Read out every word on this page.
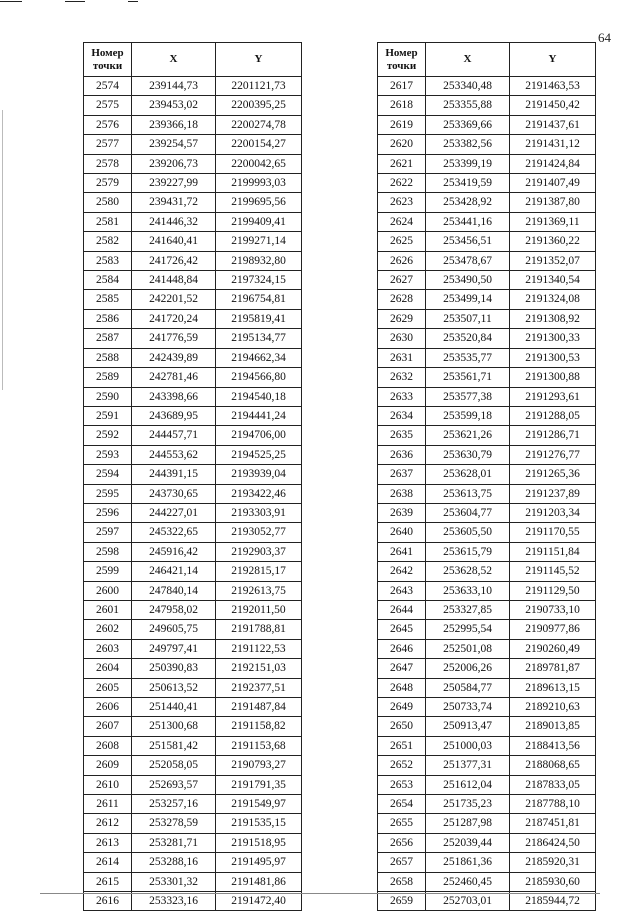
64
Номер
точки	X	Y
2574	239144,73	2201121,73
2575	239453,02	2200395,25
2576	239366,18	2200274,78
2577	239254,57	2200154,27
2578	239206,73	2200042,65
2579	239227,99	2199993,03
2580	239431,72	2199695,56
2581	241446,32	2199409,41
2582	241640,41	2199271,14
2583	241726,42	2198932,80
2584	241448,84	2197324,15
2585	242201,52	2196754,81
2586	241720,24	2195819,41
2587	241776,59	2195134,77
2588	242439,89	2194662,34
2589	242781,46	2194566,80
2590	243398,66	2194540,18
2591	243689,95	2194441,24
2592	244457,71	2194706,00
2593	244553,62	2194525,25
2594	244391,15	2193939,04
2595	243730,65	2193422,46
2596	244227,01	2193303,91
2597	245322,65	2193052,77
2598	245916,42	2192903,37
2599	246421,14	2192815,17
2600	247840,14	2192613,75
2601	247958,02	2192011,50
2602	249605,75	2191788,81
2603	249797,41	2191122,53
2604	250390,83	2192151,03
2605	250613,52	2192377,51
2606	251440,41	2191487,84
2607	251300,68	2191158,82
2608	251581,42	2191153,68
2609	252058,05	2190793,27
2610	252693,57	2191791,35
2611	253257,16	2191549,97
2612	253278,59	2191535,15
2613	253281,71	2191518,95
2614	253288,16	2191495,97
2615	253301,32	2191481,86
2616	253323,16	2191472,40
Номер
точки	X	Y
2617	253340,48	2191463,53
2618	253355,88	2191450,42
2619	253369,66	2191437,61
2620	253382,56	2191431,12
2621	253399,19	2191424,84
2622	253419,59	2191407,49
2623	253428,92	2191387,80
2624	253441,16	2191369,11
2625	253456,51	2191360,22
2626	253478,67	2191352,07
2627	253490,50	2191340,54
2628	253499,14	2191324,08
2629	253507,11	2191308,92
2630	253520,84	2191300,33
2631	253535,77	2191300,53
2632	253561,71	2191300,88
2633	253577,38	2191293,61
2634	253599,18	2191288,05
2635	253621,26	2191286,71
2636	253630,79	2191276,77
2637	253628,01	2191265,36
2638	253613,75	2191237,89
2639	253604,77	2191203,34
2640	253605,50	2191170,55
2641	253615,79	2191151,84
2642	253628,52	2191145,52
2643	253633,10	2191129,50
2644	253327,85	2190733,10
2645	252995,54	2190977,86
2646	252501,08	2190260,49
2647	252006,26	2189781,87
2648	250584,77	2189613,15
2649	250733,74	2189210,63
2650	250913,47	2189013,85
2651	251000,03	2188413,56
2652	251377,31	2188068,65
2653	251612,04	2187833,05
2654	251735,23	2187788,10
2655	251287,98	2187451,81
2656	252039,44	2186424,50
2657	251861,36	2185920,31
2658	252460,45	2185930,60
2659	252703,01	2185944,72
